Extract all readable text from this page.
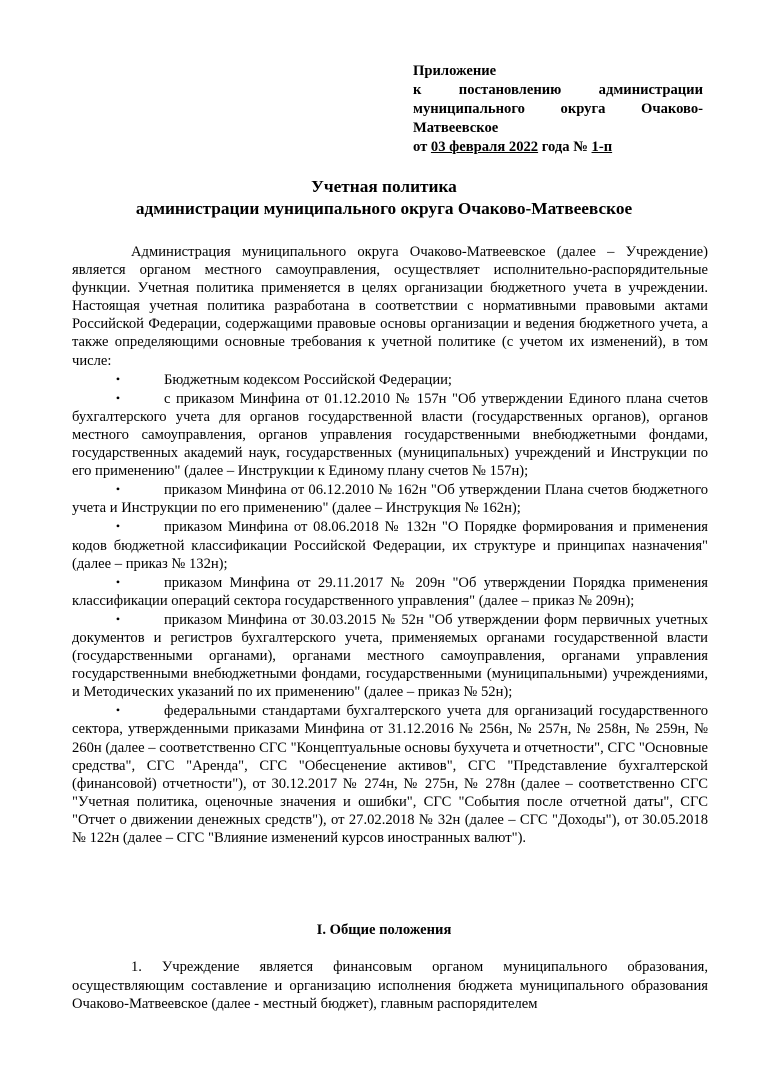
Приложение
к	постановлению	администрации
муниципального округа Очаково-
Матвеевское
от 03 февраля 2022 года № 1-п
Учетная политика
администрации муниципального округа Очаково-Матвеевское

Администрация муниципального округа Очаково-Матвеевское (далее – Учреждение) является органом местного самоуправления, осуществляет исполнительно-распорядительные функции. Учетная политика применяется в целях организации бюджетного учета в учреждении. Настоящая учетная политика разработана в соответствии с нормативными правовыми актами Российской Федерации, содержащими правовые основы организации и ведения бюджетного учета, а также определяющими основные требования к учетной политике (с учетом их изменений), в том числе:

•	Бюджетным кодексом Российской Федерации;

•	с приказом Минфина от 01.12.2010 № 157н "Об утверждении Единого плана счетов бухгалтерского учета для органов государственной власти (государственных органов), органов местного самоуправления, органов управления государственными внебюджетными фондами, государственных академий наук, государственных (муниципальных) учреждений и Инструкции по его применению" (далее – Инструкции к Единому плану счетов № 157н);

•	приказом Минфина от 06.12.2010 № 162н "Об утверждении Плана счетов бюджетного учета и Инструкции по его применению" (далее – Инструкция № 162н);

•	приказом Минфина от 08.06.2018 № 132н "О Порядке формирования и применения кодов бюджетной классификации Российской Федерации, их структуре и принципах назначения" (далее – приказ № 132н);

•	приказом Минфина от 29.11.2017 № 209н "Об утверждении Порядка применения классификации операций сектора государственного управления" (далее – приказ № 209н);

•	приказом Минфина от 30.03.2015 № 52н "Об утверждении форм первичных учетных документов и регистров бухгалтерского учета, применяемых органами государственной власти (государственными органами), органами местного самоуправления, органами управления государственными внебюджетными фондами, государственными (муниципальными) учреждениями, и Методических указаний по их применению" (далее – приказ № 52н);

•	федеральными стандартами бухгалтерского учета для организаций государственного сектора, утвержденными приказами Минфина от 31.12.2016 № 256н, № 257н, № 258н, № 259н, № 260н (далее – соответственно СГС "Концептуальные основы бухучета и отчетности", СГС "Основные средства", СГС "Аренда", СГС "Обесценение активов", СГС "Представление бухгалтерской (финансовой) отчетности"), от 30.12.2017 № 274н, № 275н, № 278н (далее – соответственно СГС "Учетная политика, оценочные значения и ошибки", СГС "События после отчетной даты", СГС "Отчет о движении денежных средств"), от 27.02.2018 № 32н (далее – СГС "Доходы"), от 30.05.2018 № 122н (далее – СГС "Влияние изменений курсов иностранных валют").

I. Общие положения

1. Учреждение является финансовым органом муниципального образования, осуществляющим составление и организацию исполнения бюджета муниципального образования Очаково-Матвеевское (далее - местный бюджет), главным распорядителем
